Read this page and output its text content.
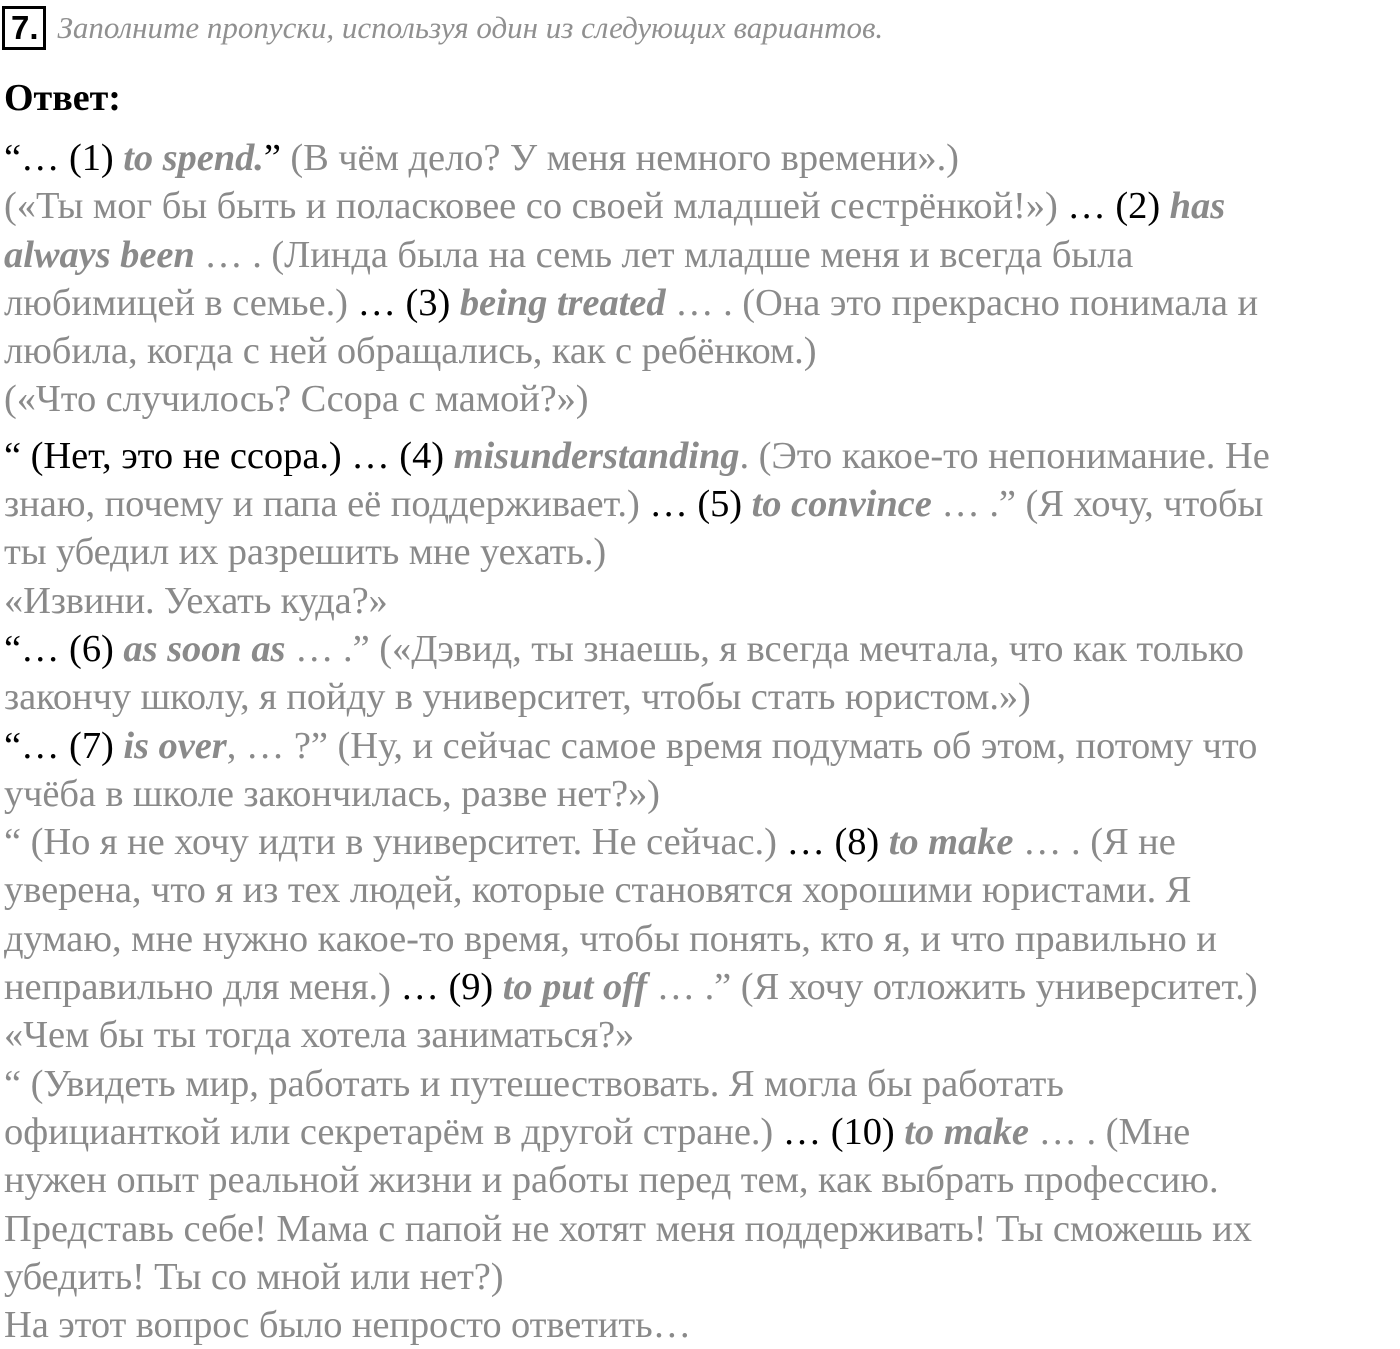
7. Заполните пропуски, используя один из следующих вариантов.
Ответ:
“… (1) to spend.” (В чём дело? У меня немного времени».)
(«Ты мог бы быть и поласковее со своей младшей сестрёнкой!») … (2) has
always been … . (Линда была на семь лет младше меня и всегда была
любимицей в семье.) … (3) being treated … . (Она это прекрасно понимала и
любила, когда с ней обращались, как с ребёнком.)
(«Что случилось? Ссора с мамой?»)
“ (Нет, это не ссора.) … (4) misunderstanding. (Это какое-то непонимание. Не
знаю, почему и папа её поддерживает.) … (5) to convince … .” (Я хочу, чтобы
ты убедил их разрешить мне уехать.)
«Извини. Уехать куда?»
“… (6) as soon as … .” («Дэвид, ты знаешь, я всегда мечтала, что как только
закончу школу, я пойду в университет, чтобы стать юристом.»)
“… (7) is over, … ?” (Ну, и сейчас самое время подумать об этом, потому что
учёба в школе закончилась, разве нет?»)
“ (Но я не хочу идти в университет. Не сейчас.) … (8) to make … . (Я не
уверена, что я из тех людей, которые становятся хорошими юристами. Я
думаю, мне нужно какое-то время, чтобы понять, кто я, и что правильно и
неправильно для меня.) … (9) to put off … .” (Я хочу отложить университет.)
«Чем бы ты тогда хотела заниматься?»
“ (Увидеть мир, работать и путешествовать. Я могла бы работать
официанткой или секретарём в другой стране.) … (10) to make … . (Мне
нужен опыт реальной жизни и работы перед тем, как выбрать профессию.
Представь себе! Мама с папой не хотят меня поддерживать! Ты сможешь их
убедить! Ты со мной или нет?)
На этот вопрос было непросто ответить…
